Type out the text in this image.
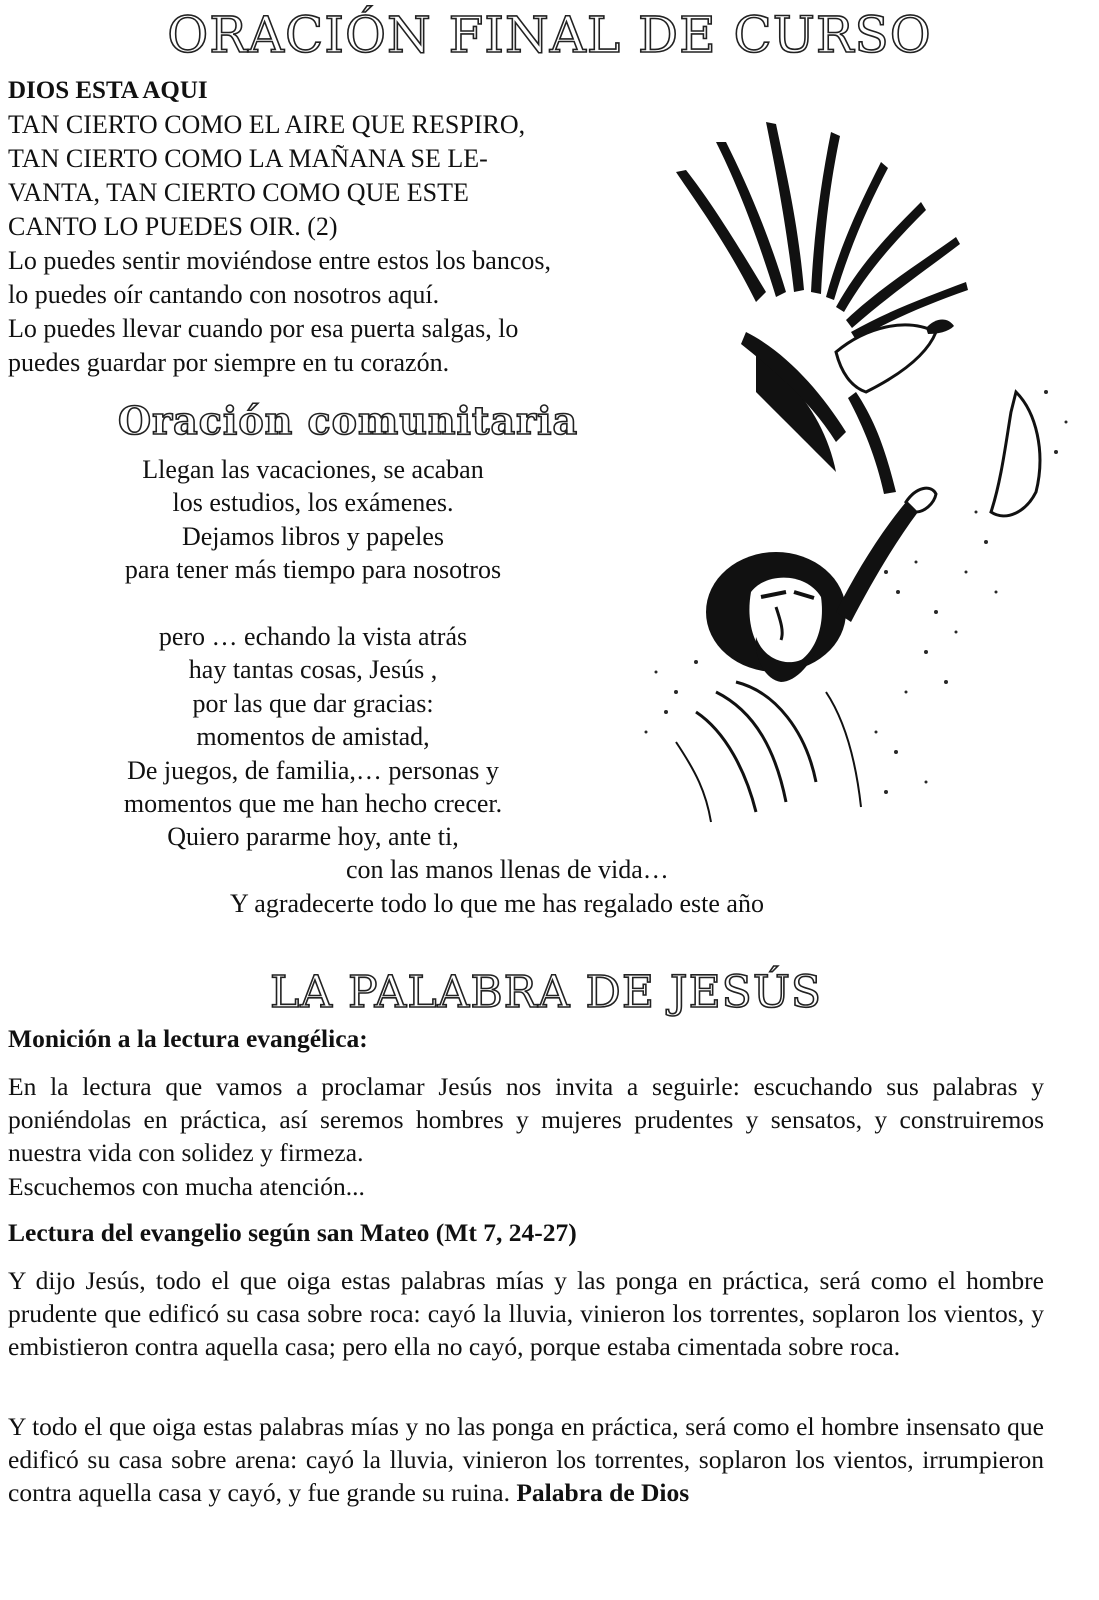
ORACIÓN FINAL DE CURSO
DIOS ESTA AQUI
TAN CIERTO COMO EL AIRE QUE RESPIRO,
TAN CIERTO COMO LA MAÑANA SE LE-
VANTA, TAN CIERTO COMO QUE ESTE
CANTO LO PUEDES OIR. (2)
Lo puedes sentir moviéndose entre estos los bancos,
lo puedes oír cantando con nosotros aquí.
Lo puedes llevar cuando por esa puerta salgas, lo
puedes guardar por siempre en tu corazón.
Oración comunitaria
Llegan las vacaciones, se acaban
los estudios, los exámenes.
Dejamos libros y papeles
para tener más tiempo para nosotros
pero … echando la vista atrás
hay tantas cosas, Jesús ,
por las que dar gracias:
momentos de amistad,
De juegos, de familia,… personas y
momentos que me han hecho crecer.
Quiero pararme hoy, ante ti,
con las manos llenas de vida…
Y agradecerte todo lo que me has regalado este año
LA PALABRA DE JESÚS
Monición a la lectura evangélica:
En la lectura que vamos a proclamar Jesús nos invita a seguirle: escuchando sus palabras y poniéndolas en práctica, así seremos hombres y mujeres prudentes y sensatos, y construiremos nuestra vida con solidez y firmeza.
Escuchemos con mucha atención...
Lectura del evangelio según san Mateo (Mt 7, 24-27)
Y dijo Jesús, todo el que oiga estas palabras mías y las ponga en práctica, será como el hombre prudente que edificó su casa sobre roca: cayó la lluvia, vinieron los torrentes, soplaron los vientos, y embistieron contra aquella casa; pero ella no cayó, porque estaba cimentada sobre roca.
Y todo el que oiga estas palabras mías y no las ponga en práctica, será como el hombre insensato que edificó su casa sobre arena: cayó la lluvia, vinieron los torrentes, soplaron los vientos, irrumpieron contra aquella casa y cayó, y fue grande su ruina. Palabra de Dios
